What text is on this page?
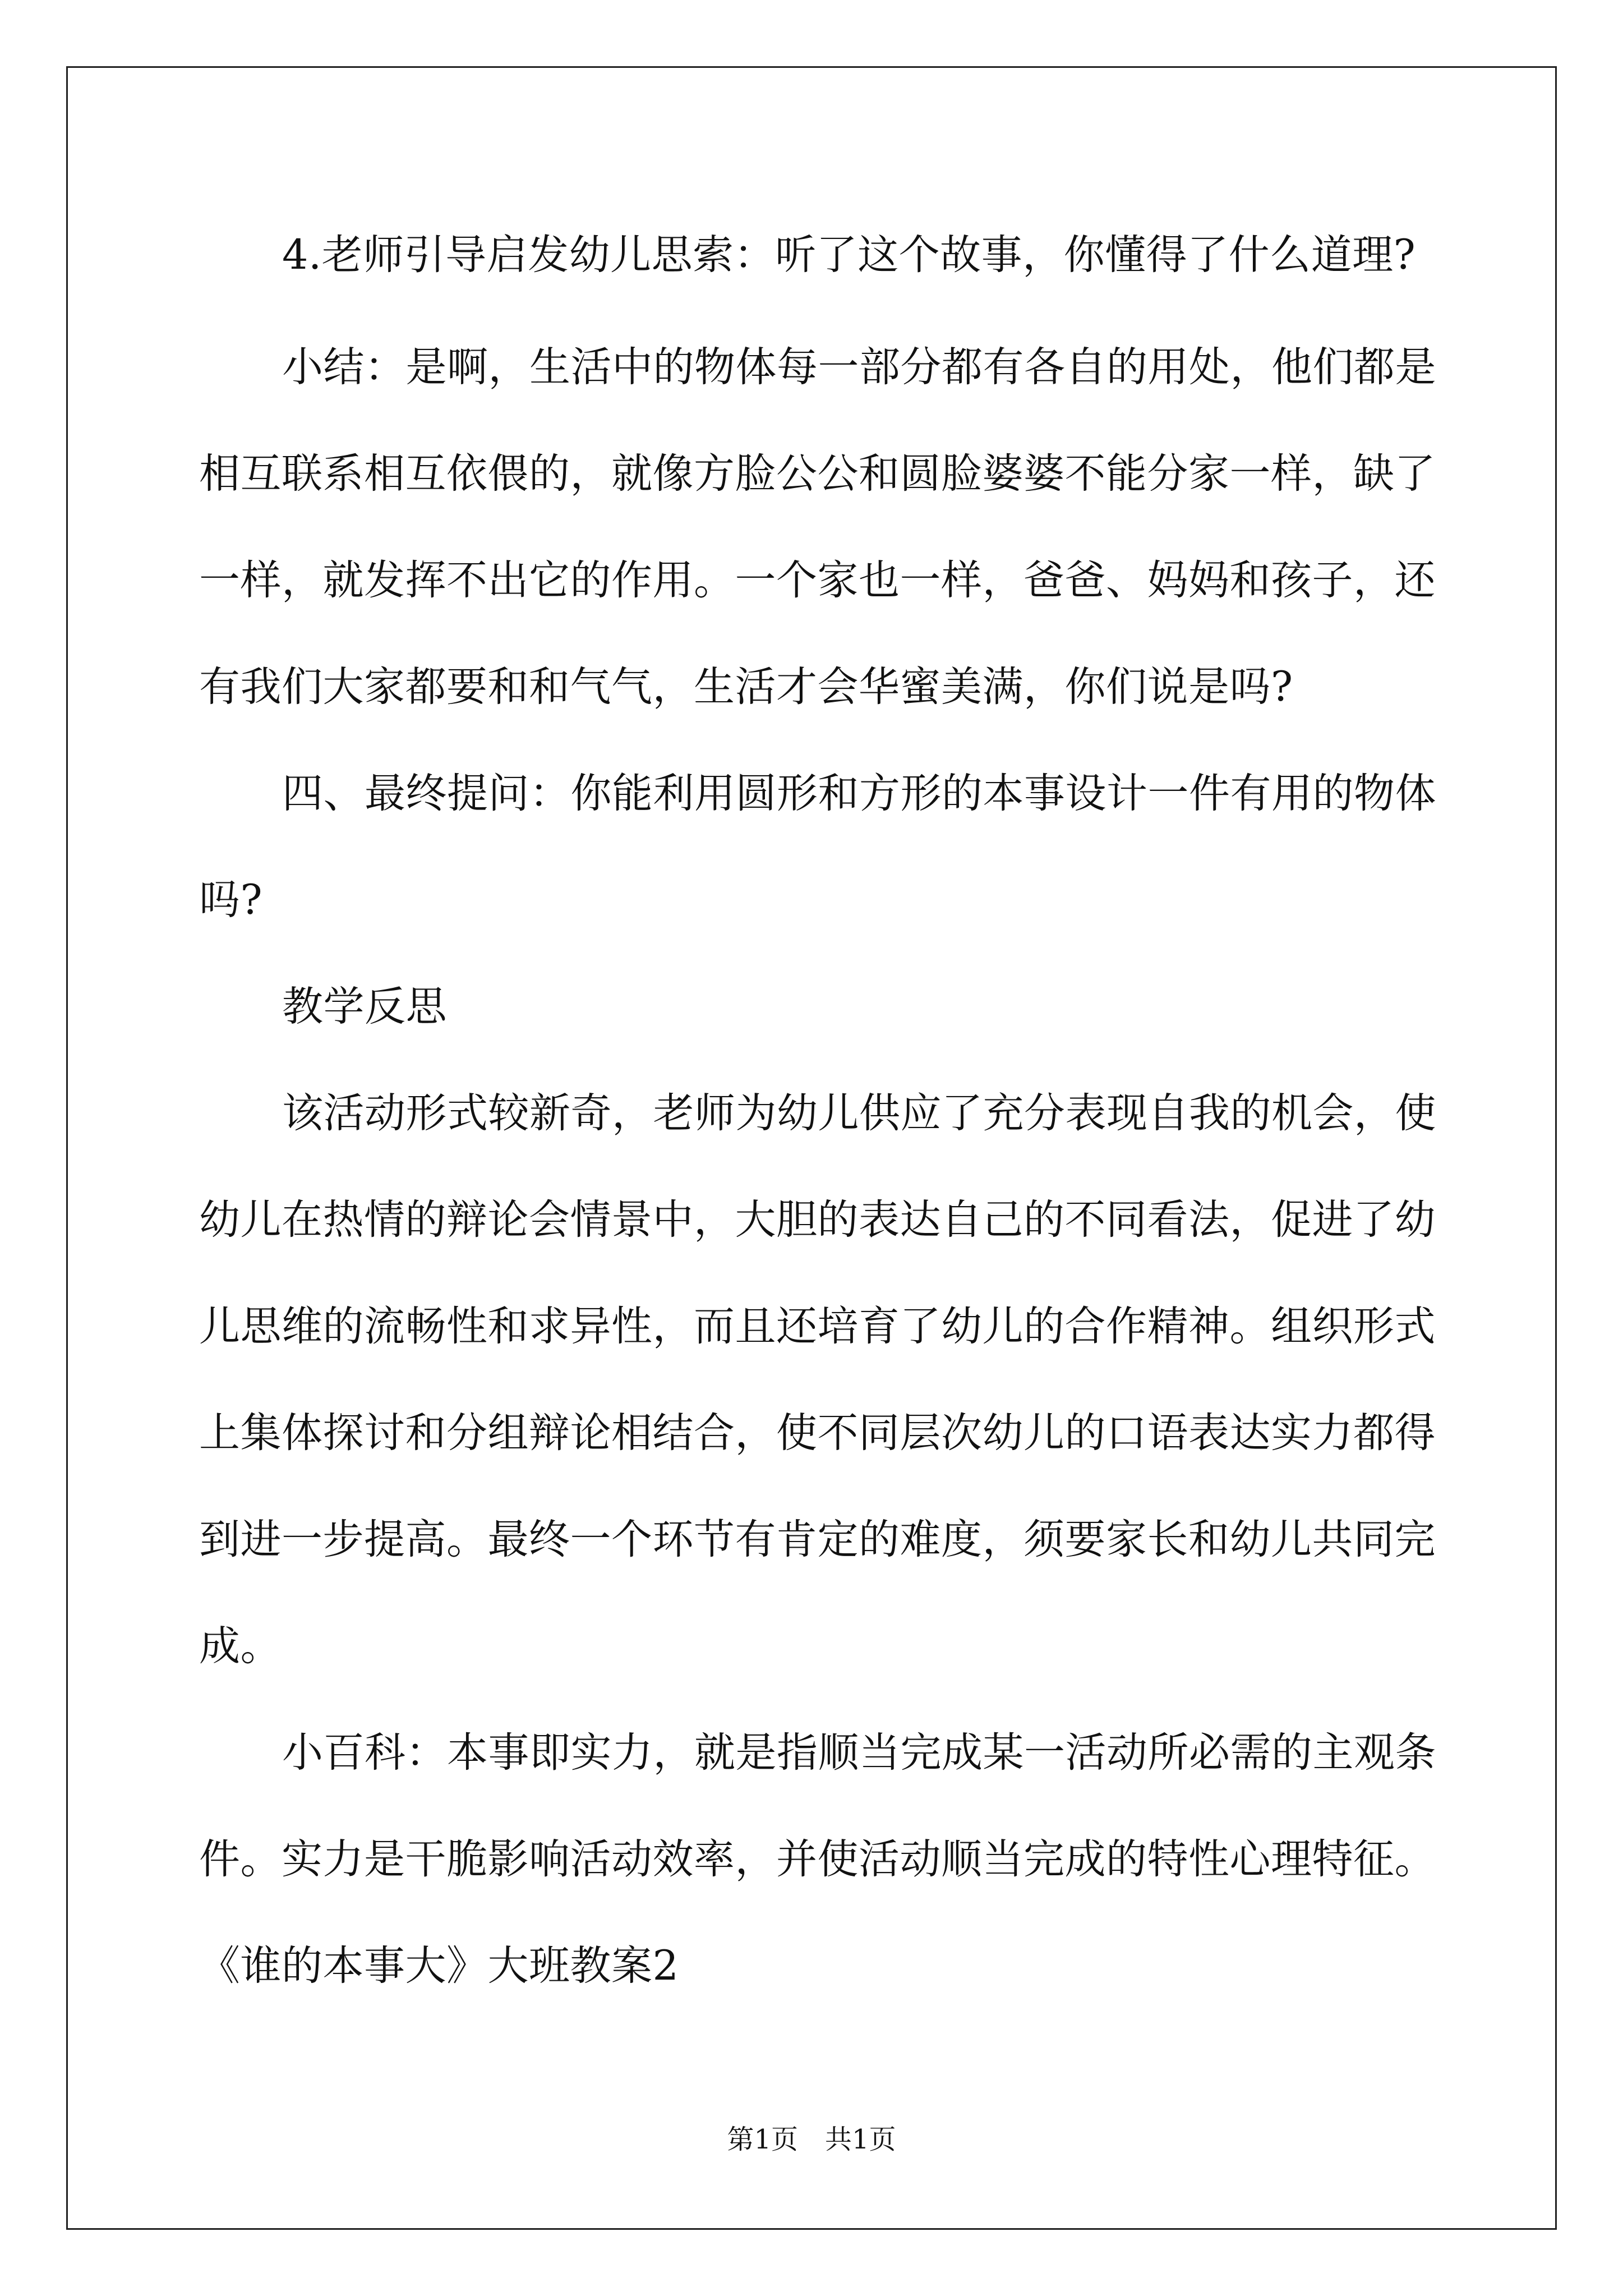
4.老师引导启发幼儿思索：听了这个故事，你懂得了什么道理?
小结：是啊，生活中的物体每一部分都有各自的用处，他们都是
相互联系相互依偎的，就像方脸公公和圆脸婆婆不能分家一样，缺了
一样，就发挥不出它的作用。一个家也一样，爸爸、妈妈和孩子，还
有我们大家都要和和气气，生活才会华蜜美满，你们说是吗?
四、最终提问：你能利用圆形和方形的本事设计一件有用的物体
吗?
教学反思
该活动形式较新奇，老师为幼儿供应了充分表现自我的机会，使
幼儿在热情的辩论会情景中，大胆的表达自己的不同看法，促进了幼
儿思维的流畅性和求异性，而且还培育了幼儿的合作精神。组织形式
上集体探讨和分组辩论相结合，使不同层次幼儿的口语表达实力都得
到进一步提高。最终一个环节有肯定的难度，须要家长和幼儿共同完
成。
小百科：本事即实力，就是指顺当完成某一活动所必需的主观条
件。实力是干脆影响活动效率，并使活动顺当完成的特性心理特征。
《谁的本事大》大班教案2
第1页　共1页
